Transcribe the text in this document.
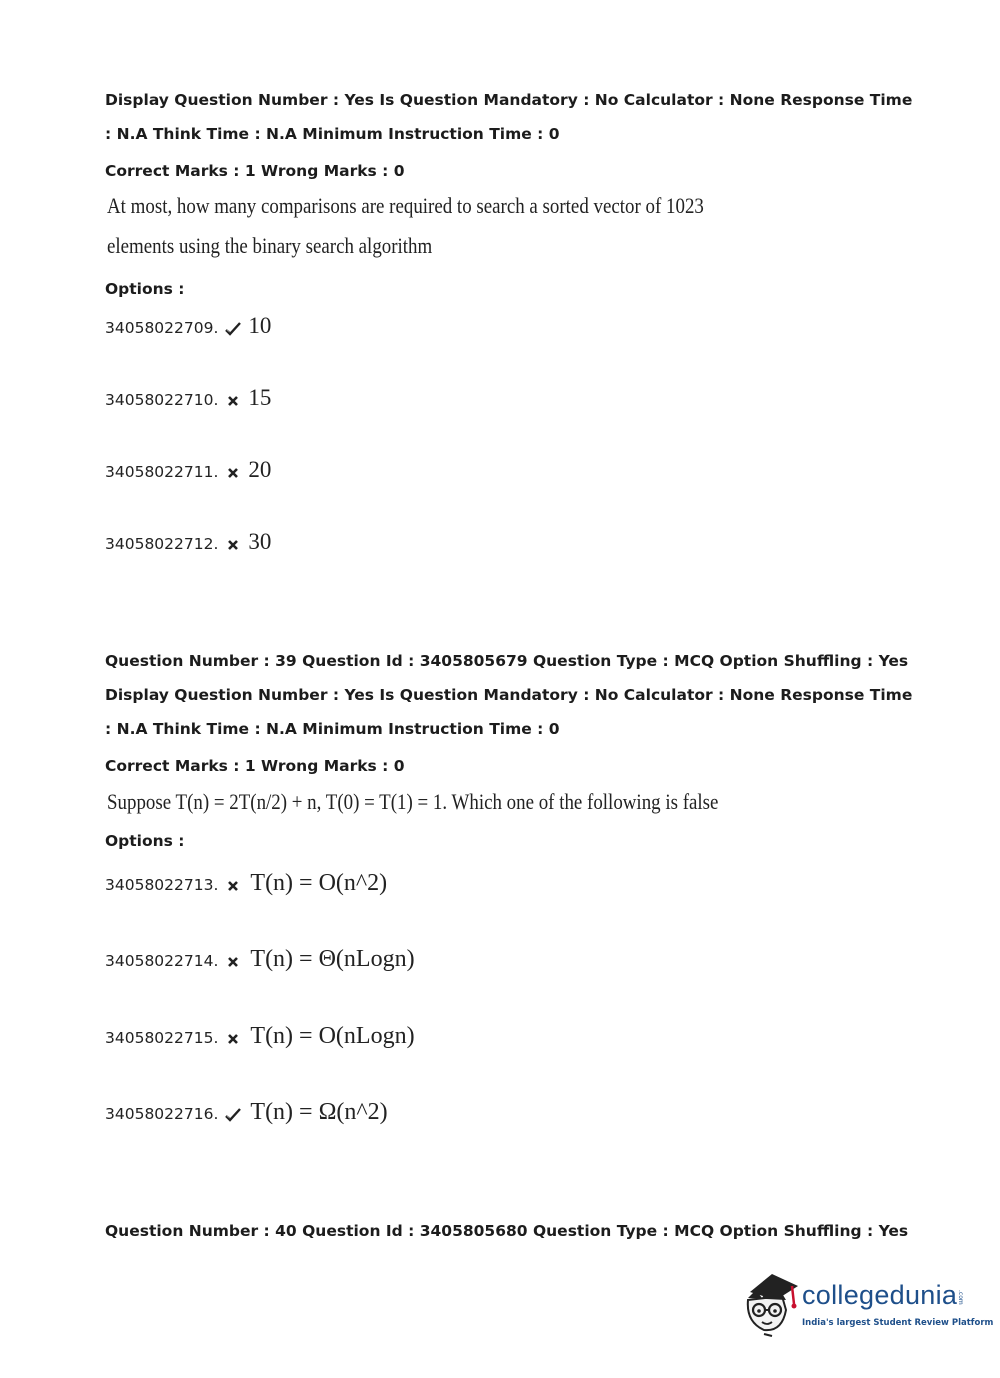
Display Question Number : Yes Is Question Mandatory : No Calculator : None Response Time
: N.A Think Time : N.A Minimum Instruction Time : 0
Correct Marks : 1 Wrong Marks : 0
At most, how many comparisons are required to search a sorted vector of 1023
elements using the binary search algorithm
Options :
34058022709. 10
34058022710. 15
34058022711. 20
34058022712. 30
Question Number : 39 Question Id : 3405805679 Question Type : MCQ Option Shuffling : Yes
Display Question Number : Yes Is Question Mandatory : No Calculator : None Response Time
: N.A Think Time : N.A Minimum Instruction Time : 0
Correct Marks : 1 Wrong Marks : 0
Suppose T(n) = 2T(n/2) + n, T(0) = T(1) = 1. Which one of the following is false
Options :
34058022713. T(n) = O(n^2)
34058022714. T(n) = Θ(nLogn)
34058022715. T(n) = O(nLogn)
34058022716. T(n) = Ω(n^2)
Question Number : 40 Question Id : 3405805680 Question Type : MCQ Option Shuffling : Yes
collegedunia .com
India's largest Student Review Platform
